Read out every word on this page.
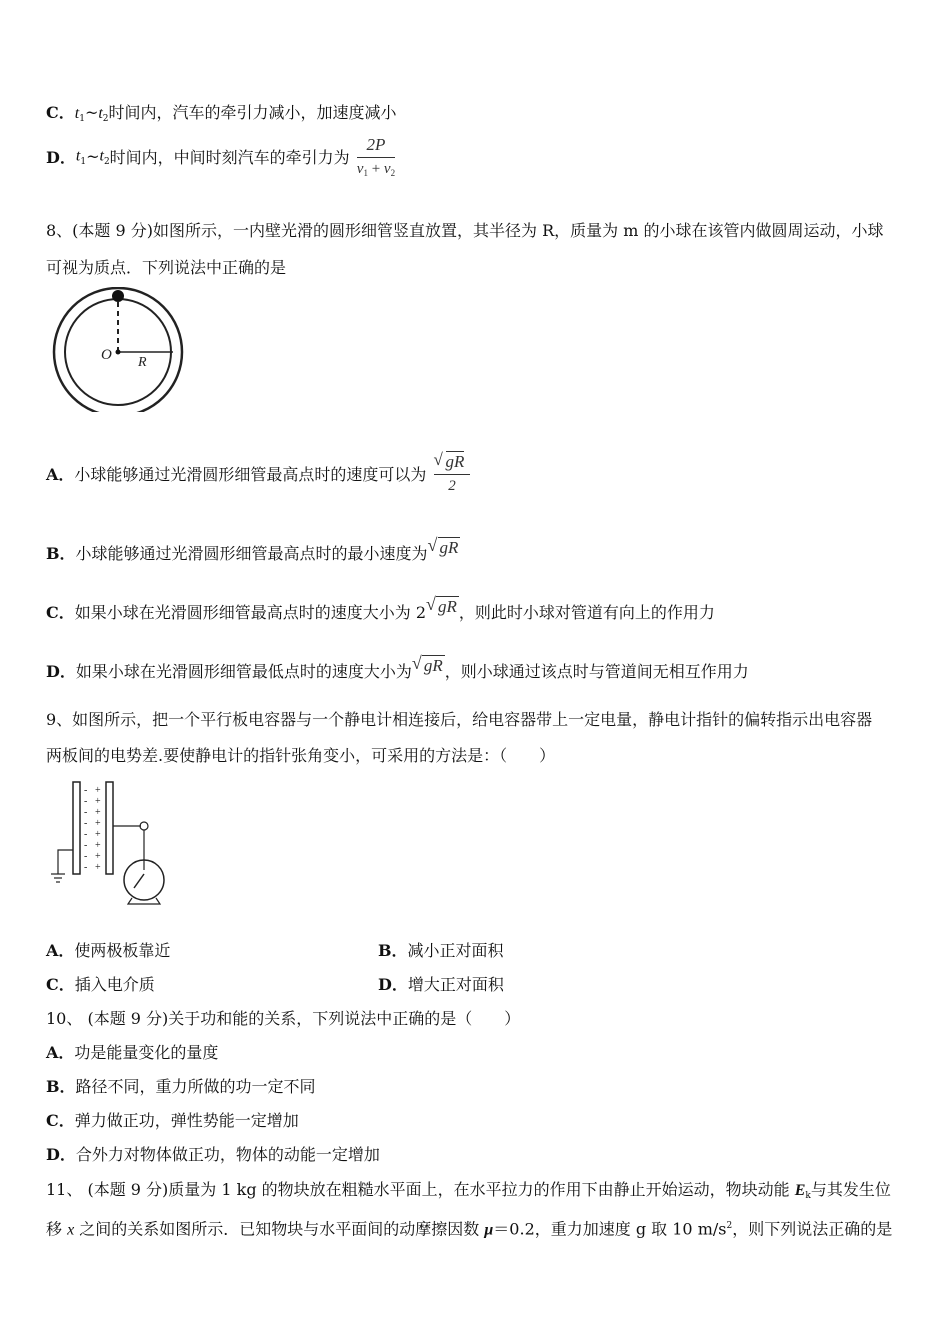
C．$t_1\sim t_2$时间内，汽车的牵引力减小，加速度减小
D．$t_1\sim t_2$时间内，中间时刻汽车的牵引力为 $\frac{2P}{v_1 + v_2}$
8、(本题 9 分)如图所示，一内壁光滑的圆形细管竖直放置，其半径为 R，质量为 m 的小球在该管内做圆周运动，小球
可视为质点．下列说法中正确的是
O R
A．小球能够通过光滑圆形细管最高点时的速度可以为 $\frac{√ gR}{2}$
B．小球能够通过光滑圆形细管最高点时的最小速度为 √ gR
C．如果小球在光滑圆形细管最高点时的速度大小为 2 √ gR ，则此时小球对管道有向上的作用力
D．如果小球在光滑圆形细管最低点时的速度大小为 √ gR ，则小球通过该点时与管道间无相互作用力
9、如图所示，把一个平行板电容器与一个静电计相连接后，给电容器带上一定电量，静电计指针的偏转指示出电容器
两板间的电势差.要使静电计的指针张角变小，可采用的方法是：（　　）
-
-
-
-
-
-
-
-
+
+
+
+
+
+
+
+
A．使两极板靠近	B．减小正对面积
C．插入电介质	D．增大正对面积
10、 (本题 9 分)关于功和能的关系，下列说法中正确的是（　　）
A．功是能量变化的量度
B．路径不同，重力所做的功一定不同
C．弹力做正功，弹性势能一定增加
D．合外力对物体做正功，物体的动能一定增加
11、 (本题 9 分)质量为 1 kg 的物块放在粗糙水平面上，在水平拉力的作用下由静止开始运动，物块动能 $E_k$与其发生位
移 x 之间的关系如图所示．已知物块与水平面间的动摩擦因数 μ＝0.2，重力加速度 g 取 10 $m/s^2$，则下列说法正确的是
